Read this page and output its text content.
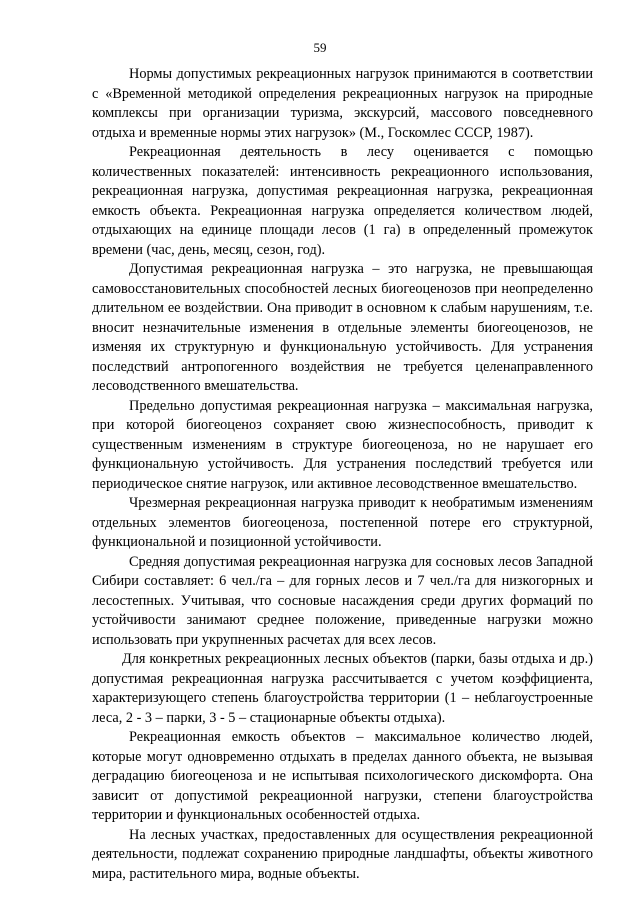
59

Нормы допустимых рекреационных нагрузок принимаются в соответствии с «Временной методикой определения рекреационных нагрузок на природные комплексы при организации туризма, экскурсий, массового повседневного отдыха и временные нормы этих нагрузок» (М., Госкомлес СССР, 1987).

Рекреационная деятельность в лесу оценивается с помощью количественных показателей: интенсивность рекреационного использования, рекреационная нагрузка, допустимая рекреационная нагрузка, рекреационная емкость объекта. Рекреационная нагрузка определяется количеством людей, отдыхающих на единице площади лесов (1 га) в определенный промежуток времени (час, день, месяц, сезон, год).

Допустимая рекреационная нагрузка – это нагрузка, не превышающая самовосстановительных способностей лесных биогеоценозов при неопределенно длительном ее воздействии. Она приводит в основном к слабым нарушениям, т.е. вносит незначительные изменения в отдельные элементы биогеоценозов, не изменяя их структурную и функциональную устойчивость. Для устранения последствий антропогенного воздействия не требуется целенаправленного лесоводственного вмешательства.

Предельно допустимая рекреационная нагрузка – максимальная нагрузка, при которой биогеоценоз сохраняет свою жизнеспособность, приводит к существенным изменениям в структуре биогеоценоза, но не нарушает его функциональную устойчивость. Для устранения последствий требуется или периодическое снятие нагрузок, или активное лесоводственное вмешательство.

Чрезмерная рекреационная нагрузка приводит к необратимым изменениям отдельных элементов биогеоценоза, постепенной потере его структурной, функциональной и позиционной устойчивости.

Средняя допустимая рекреационная нагрузка для сосновых лесов Западной Сибири составляет: 6 чел./га – для горных лесов и 7 чел./га для низкогорных и лесостепных. Учитывая, что сосновые насаждения среди других формаций по устойчивости занимают среднее положение, приведенные нагрузки можно использовать при укрупненных расчетах для всех лесов.

Для конкретных рекреационных лесных объектов (парки, базы отдыха и др.) допустимая рекреационная нагрузка рассчитывается с учетом коэффициента, характеризующего степень благоустройства территории (1 – неблагоустроенные леса, 2 - 3 – парки, 3 - 5 – стационарные объекты отдыха).

Рекреационная емкость объектов – максимальное количество людей, которые могут одновременно отдыхать в пределах данного объекта, не вызывая деградацию биогеоценоза и не испытывая психологического дискомфорта. Она зависит от допустимой рекреационной нагрузки, степени благоустройства территории и функциональных особенностей отдыха.

На лесных участках, предоставленных для осуществления рекреационной деятельности, подлежат сохранению природные ландшафты, объекты животного мира, растительного мира, водные объекты.
